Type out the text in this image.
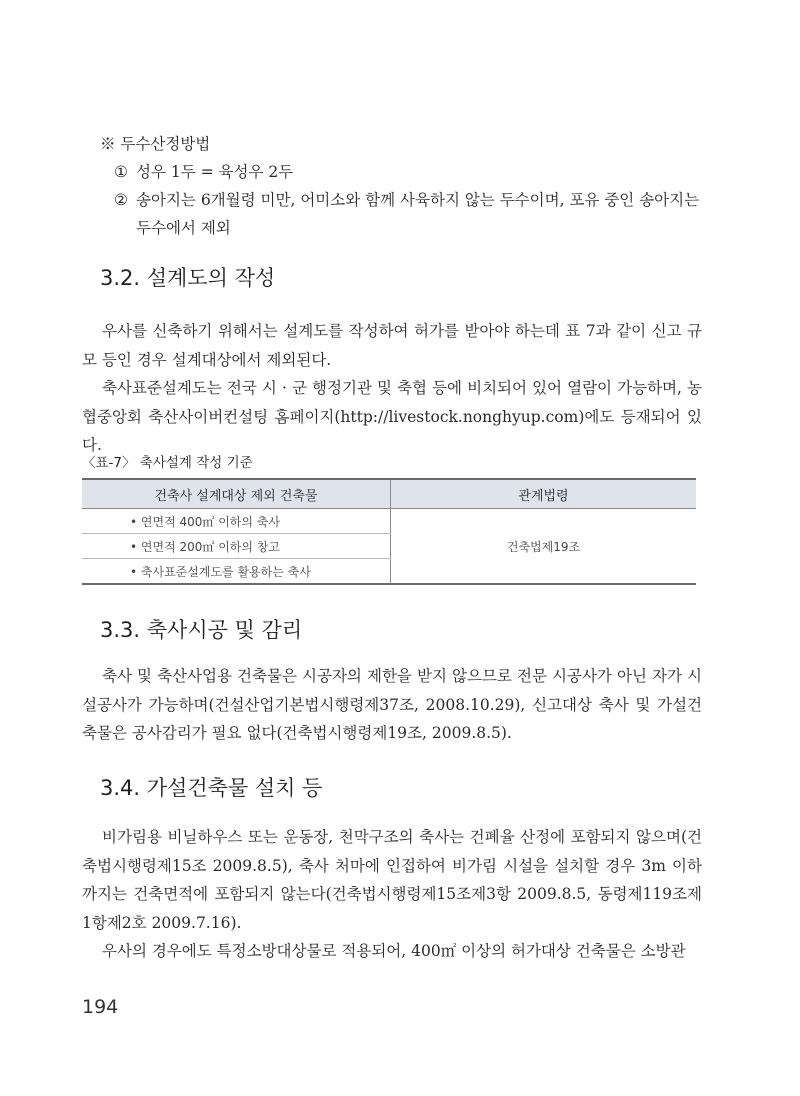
※ 두수산정방법

① 성우 1두 = 육성우 2두

② 송아지는 6개월령 미만, 어미소와 함께 사육하지 않는 두수이며, 포유 중인 송아지는 두수에서 제외

3.2. 설계도의 작성

우사를 신축하기 위해서는 설계도를 작성하여 허가를 받아야 하는데 표 7과 같이 신고 규모 등인 경우 설계대상에서 제외된다.

축사표준설계도는 전국 시 · 군 행정기관 및 축협 등에 비치되어 있어 열람이 가능하며, 농협중앙회 축산사이버컨설팅 홈페이지(http://livestock.nonghyup.com)에도 등재되어 있다.

〈표-7〉 축사설계 작성 기준

건축사 설계대상 제외 건축물	관계법령
• 연면적 400㎡ 이하의 축사	건축법제19조
• 연면적 200㎡ 이하의 창고	
• 축사표준설계도를 활용하는 축사	
3.3. 축사시공 및 감리

축사 및 축산사업용 건축물은 시공자의 제한을 받지 않으므로 전문 시공사가 아닌 자가 시설공사가 가능하며(건설산업기본법시행령제37조, 2008.10.29), 신고대상 축사 및 가설건축물은 공사감리가 필요 없다(건축법시행령제19조, 2009.8.5).

3.4. 가설건축물 설치 등

비가림용 비닐하우스 또는 운동장, 천막구조의 축사는 건폐율 산정에 포함되지 않으며(건축법시행령제15조 2009.8.5), 축사 처마에 인접하여 비가림 시설을 설치할 경우 3m 이하까지는 건축면적에 포함되지 않는다(건축법시행령제15조제3항 2009.8.5, 동령제119조제1항제2호 2009.7.16).

우사의 경우에도 특정소방대상물로 적용되어, 400㎡ 이상의 허가대상 건축물은 소방관

194
